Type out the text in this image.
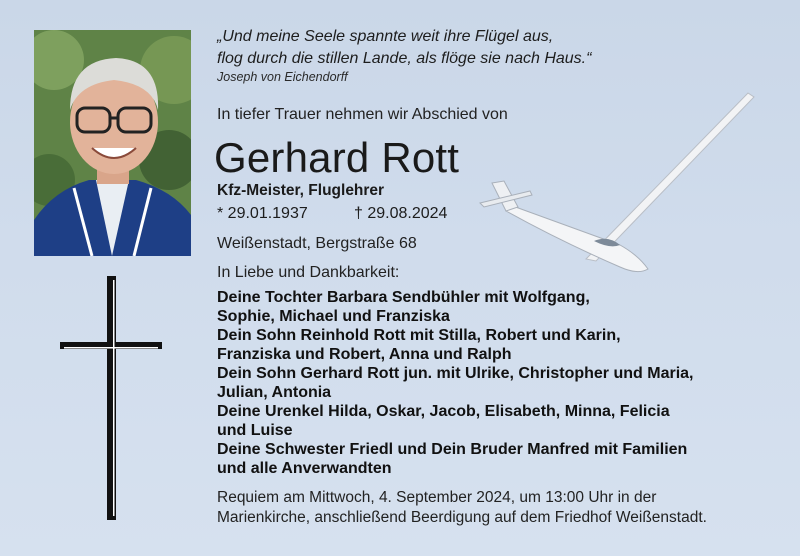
„Und meine Seele spannte weit ihre Flügel aus,
flog durch die stillen Lande, als flöge sie nach Haus.“
Joseph von Eichendorff
In tiefer Trauer nehmen wir Abschied von
Gerhard Rott
Kfz-Meister, Fluglehrer
* 29.01.1937	† 29.08.2024
Weißenstadt, Bergstraße 68
In Liebe und Dankbarkeit:
Deine Tochter Barbara Sendbühler mit Wolfgang,
Sophie, Michael und Franziska
Dein Sohn Reinhold Rott mit Stilla, Robert und Karin,
Franziska und Robert, Anna und Ralph
Dein Sohn Gerhard Rott jun. mit Ulrike, Christopher und Maria,
Julian, Antonia
Deine Urenkel Hilda, Oskar, Jacob, Elisabeth, Minna, Felicia
und Luise
Deine Schwester Friedl und Dein Bruder Manfred mit Familien
und alle Anverwandten
Requiem am Mittwoch, 4. September 2024, um 13:00 Uhr in der
Marienkirche, anschließend Beerdigung auf dem Friedhof Weißenstadt.
